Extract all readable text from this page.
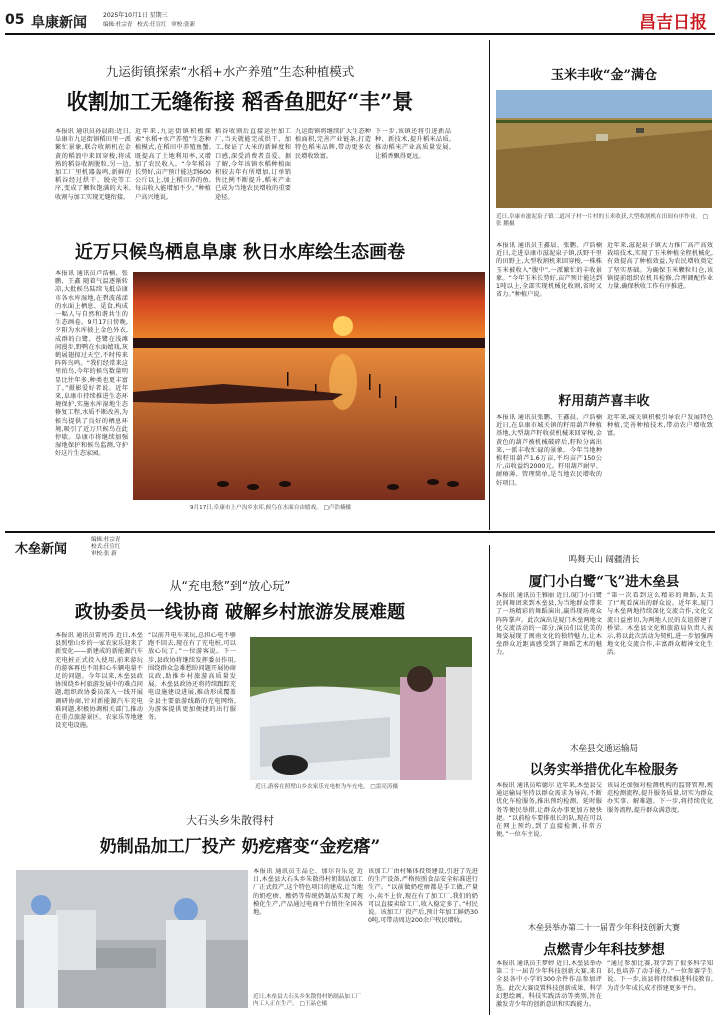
05 阜康新闻	2025年10月1日 星期三
编辑:杜宗青 校式:任宣红 审校:张新	昌吉日报
九运街镇探索“水稻+水产养殖”生态种植模式
收割加工无缝衔接 稻香鱼肥好“丰”景
本报讯 通讯员孙晨雨:近日,阜康市九运街镇稻田里一派繁忙景象,联合收割机在金黄的稻浪中来回穿梭,将成熟的稻谷收割脱粒,另一边,加工厂里机器轰鸣,新鲜的稻谷经过烘干、脱壳等工序,变成了颗粒饱满的大米,收割与加工实现无缝衔接。
近年来,九运街镇积极探索“水稻+水产养殖”生态种植模式,在稻田中养殖鱼蟹,既提高了土地利用率,又增加了农民收入。“今年稻谷长势好,亩产预计能达到600公斤以上,加上稻田养的鱼,每亩收入能增加不少。”种植户高兴地说。
稻谷收割后直接运往加工厂,当天就能完成烘干、加工,保证了大米的新鲜度和口感,深受消费者喜爱。据了解,今年该镇水稻种植面积较去年有所增加,订单销售比例不断提升,稻米产业已成为当地农民增收的重要途径。
九运街镇将继续扩大生态种植面积,完善产业链条,打造特色稻米品牌,带动更多农民增收致富。
下一步,该镇还将引进新品种、新技术,提升稻米品质,推动稻米产业高质量发展,让稻香飘得更远。
近万只候鸟栖息阜康 秋日水库绘生态画卷
本报讯 通讯员卢浩楠、张鹏、王鑫 随着气温逐渐转凉,大批候鸟陆续飞抵阜康市各水库湿地,在碧波荡漾的水面上栖息、觅食,构成一幅人与自然和谐共生的生态画卷。9月17日傍晚,夕阳为水库披上金色外衣,成群的白鹭、苍鹭在浅滩间漫步,野鸭在水面嬉戏,灰鹤展翅掠过天空,不时传来阵阵鸟鸣。“我们经常来这里拍鸟,今年的候鸟数量明显比往年多,种类也更丰富了。”摄影爱好者说。近年来,阜康市持续推进生态环境保护,实施水库湿地生态修复工程,水质不断改善,为候鸟提供了良好的栖息环境,吸引了近万只候鸟在此停歇。阜康市将继续加强湿地保护和候鸟监测,守护好这片生态家园。
9月17日,阜康市上户沟乡水库,候鸟在水面自由嬉戏。 □卢浩楠摄
玉米丰收“金”满仓
近日,阜康市滋泥泉子镇二道河子村一片村的玉米收获,大型收割机在田间有序作业。 □张 鹏摄
本报讯 通讯员王鑫晨、张鹏、卢浩楠 近日,走进阜康市滋泥泉子镇,沃野千里的田野上,大型收割机来回穿梭,一株株玉米被收入“腹中”,一派繁忙的丰收景象。“今年玉米长势好,亩产预计能达到1吨以上,全部实现机械化收割,省时又省力。”种植户说。
近年来,滋泥泉子镇大力推广高产高效栽培技术,实现了玉米种植全程机械化,有效提高了种植效益,为农民增收奠定了坚实基础。为确保玉米颗粒归仓,该镇提前组织农机具检修,合理调配作业力量,确保秋收工作有序推进。
籽用葫芦喜丰收
本报讯 通讯员张鹏、王鑫晨、卢浩楠 近日,在阜康市城关镇的籽用葫芦种植基地,大型葫芦籽收获机械来回穿梭,金黄色的葫芦被机械破碎后,籽粒分离出来,一派丰收忙碌的景象。今年当地种植籽用葫芦1.6万亩,平均亩产150公斤,亩收益约2000元。籽用葫芦耐旱、耐瘠薄、管理简单,是当地农民增收的好项目。
近年来,城关镇积极引导农户发展特色种植,完善种植技术,带动农户增收致富。
木垒新闻
编辑:杜宗青
校式:任宣红
审校:张 新
从“充电愁”到“放心玩”
政协委员一线协商 破解乡村旅游发展难题
本报讯 通讯员雷亮涛 近日,木垒县照壁山乡的一家农家乐迎来了新变化——新建成的新能源汽车充电桩正式投入使用,前来游玩的游客再也不用担心车辆电量不足的问题。今年以来,木垒县政协围绕乡村旅游发展中的难点问题,组织政协委员深入一线开展调研协商,针对新能源汽车充电难问题,积极协调相关部门,推动在重点旅游景区、农家乐等地建设充电设施。
“以前开电车来玩,总担心电不够跑不回去,现在有了充电桩,可以放心玩了。”一位游客说。下一步,县政协将继续发挥委员作用,围绕群众急难愁盼问题开展协商议政,助推乡村旅游高质量发展。木垒县政协还将持续跟踪充电设施建设进展,推动形成覆盖全县主要旅游线路的充电网络,为游客提供更加便捷的出行服务。
近日,游客在照壁山乡农家乐充电桩为车充电。 □雷亮涛摄
鸣舞天山 阔疆清长
厦门小白鹭“飞”进木垒县
本报讯 通讯员王雅丽 近日,厦门小白鹭民间舞团来到木垒县,为当地群众带来了一场精彩的舞蹈演出,赢得现场观众阵阵掌声。此次演出是厦门木垒两地文化交流活动的一部分,演员们以优美的舞姿展现了闽南文化的独特魅力,让木垒群众近距离感受到了舞蹈艺术的魅力。
“第一次看到这么精彩的舞蹈,太美了!”观看演出的群众说。近年来,厦门与木垒两地持续深化交流合作,文化交流日益密切,为两地人民的友谊搭建了桥梁。木垒县文化和旅游局负责人表示,将以此次活动为契机,进一步加强两地文化交流合作,丰富群众精神文化生活。
木垒县交通运输局
以务实举措优化车检服务
本报讯 通讯员哈德尔 近年来,木垒县交通运输局坚持以群众需求为导向,不断优化车检服务,推出预约检测、延时服务等便民举措,让群众办事更加方便快捷。“以前检车要排很长的队,现在可以在网上预约,到了直接检测,非常方便。”一位车主说。
该局还加强对检测机构的监督管理,规范检测流程,提升服务质量,切实为群众办实事、解难题。下一步,将持续优化服务流程,提升群众满意度。
大石头乡朱散得村
奶制品加工厂投产 奶疙瘩变“金疙瘩”
本报讯 通讯员王晶仑、加尔肯乐克 近日,木垒县大石头乡朱散得村奶制品加工厂正式投产,这个特色项目的建成,让当地的奶疙瘩、酸奶等传统奶制品实现了规模化生产,产品通过电商平台销往全国各地。
该加工厂由村集体投资建设,引进了先进的生产设备,严格按照食品安全标准进行生产。“以前做奶疙瘩都是手工做,产量小,卖不上价,现在有了加工厂,我们的奶可以直接卖给工厂,收入稳定多了。”村民说。该加工厂投产后,预计年加工鲜奶300吨,可带动周边200余户牧民增收。
近日,木垒县大石头乡朱散得村奶制品加工厂内工人正在生产。 □王晶仑摄
木垒县举办第二十一届青少年科技创新大赛
点燃青少年科技梦想
本报讯 通讯员王梦婷 近日,木垒县举办第二十一届青少年科技创新大赛,来自全县各中小学的300余件作品参加评选。此次大赛设置科技创新成果、科学幻想绘画、科技实践活动等类别,旨在激发青少年的创新意识和实践能力。
“通过参加比赛,我学到了很多科学知识,也培养了动手能力。”一位参赛学生说。下一步,该县将持续推进科技教育,为青少年成长成才搭建更多平台。
